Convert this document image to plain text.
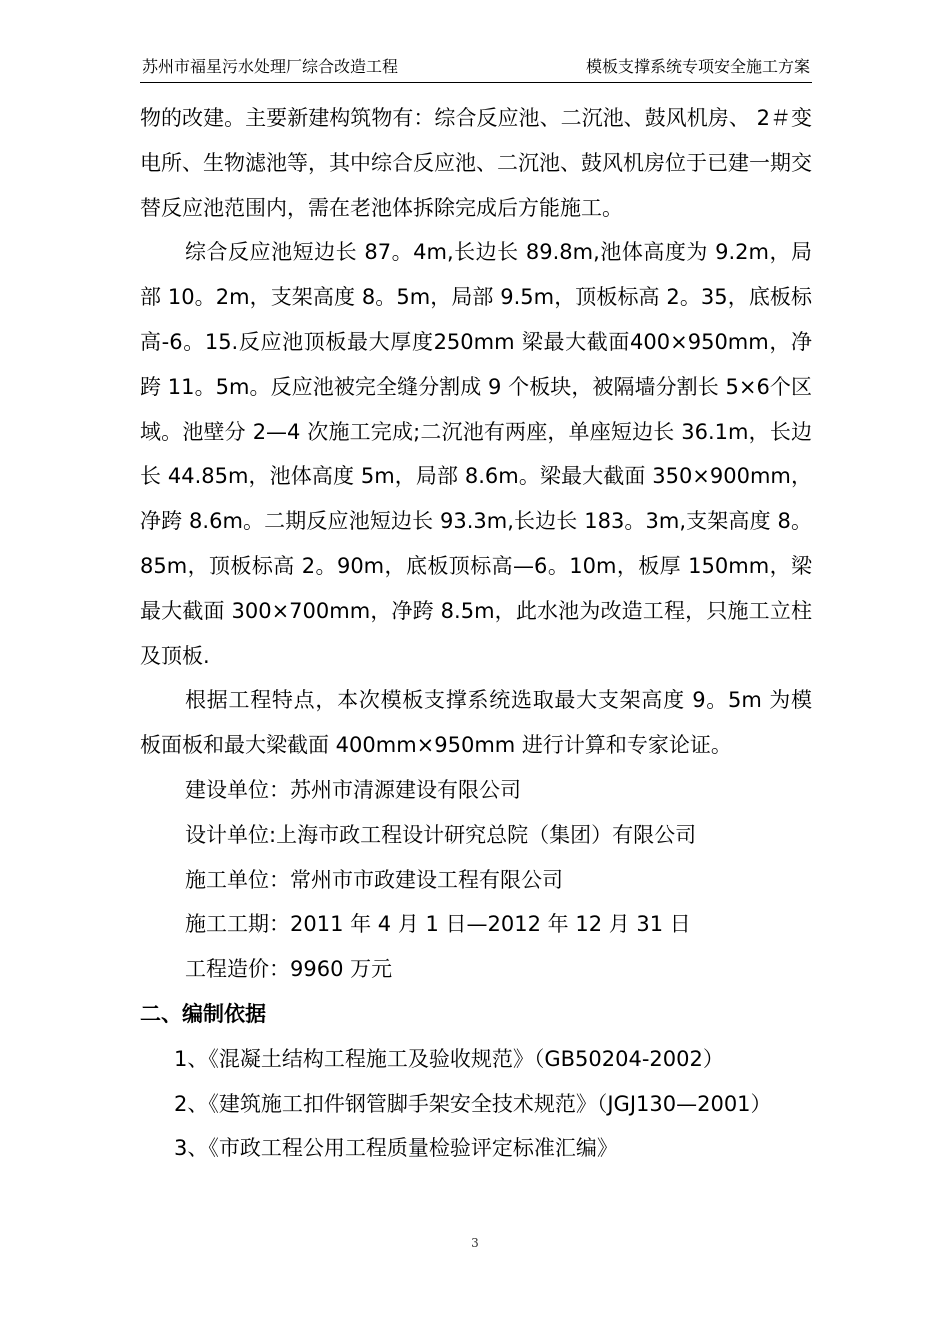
苏州市福星污水处理厂综合改造工程	模板支撑系统专项安全施工方案

物的改建。主要新建构筑物有：综合反应池、二沉池、鼓风机房、 2＃变电所、生物滤池等，其中综合反应池、二沉池、鼓风机房位于已建一期交替反应池范围内，需在老池体拆除完成后方能施工。

综合反应池短边长 87。4m,长边长 89.8m,池体高度为 9.2m，局部 10。2m，支架高度 8。5m，局部 9.5m，顶板标高 2。35，底板标高-6。15.反应池顶板最大厚度250mm 梁最大截面400×950mm，净跨 11。5m。反应池被完全缝分割成 9 个板块，被隔墙分割长 5×6个区域。池壁分 2—4 次施工完成;二沉池有两座，单座短边长 36.1m，长边长 44.85m，池体高度 5m，局部 8.6m。梁最大截面 350×900mm，净跨 8.6m。二期反应池短边长 93.3m,长边长 183。3m,支架高度 8。85m，顶板标高 2。90m，底板顶标高—6。10m，板厚 150mm，梁最大截面 300×700mm，净跨 8.5m，此水池为改造工程，只施工立柱及顶板.

根据工程特点，本次模板支撑系统选取最大支架高度 9。5m 为模板面板和最大梁截面 400mm×950mm 进行计算和专家论证。

建设单位：苏州市清源建设有限公司

设计单位:上海市政工程设计研究总院（集团）有限公司

施工单位：常州市市政建设工程有限公司

施工工期：2011 年 4 月 1 日—2012 年 12 月 31 日

工程造价：9960 万元

二、编制依据

1、《混凝土结构工程施工及验收规范》（GB50204-2002）

2、《建筑施工扣件钢管脚手架安全技术规范》（JGJ130—2001）

3、《市政工程公用工程质量检验评定标准汇编》

3
